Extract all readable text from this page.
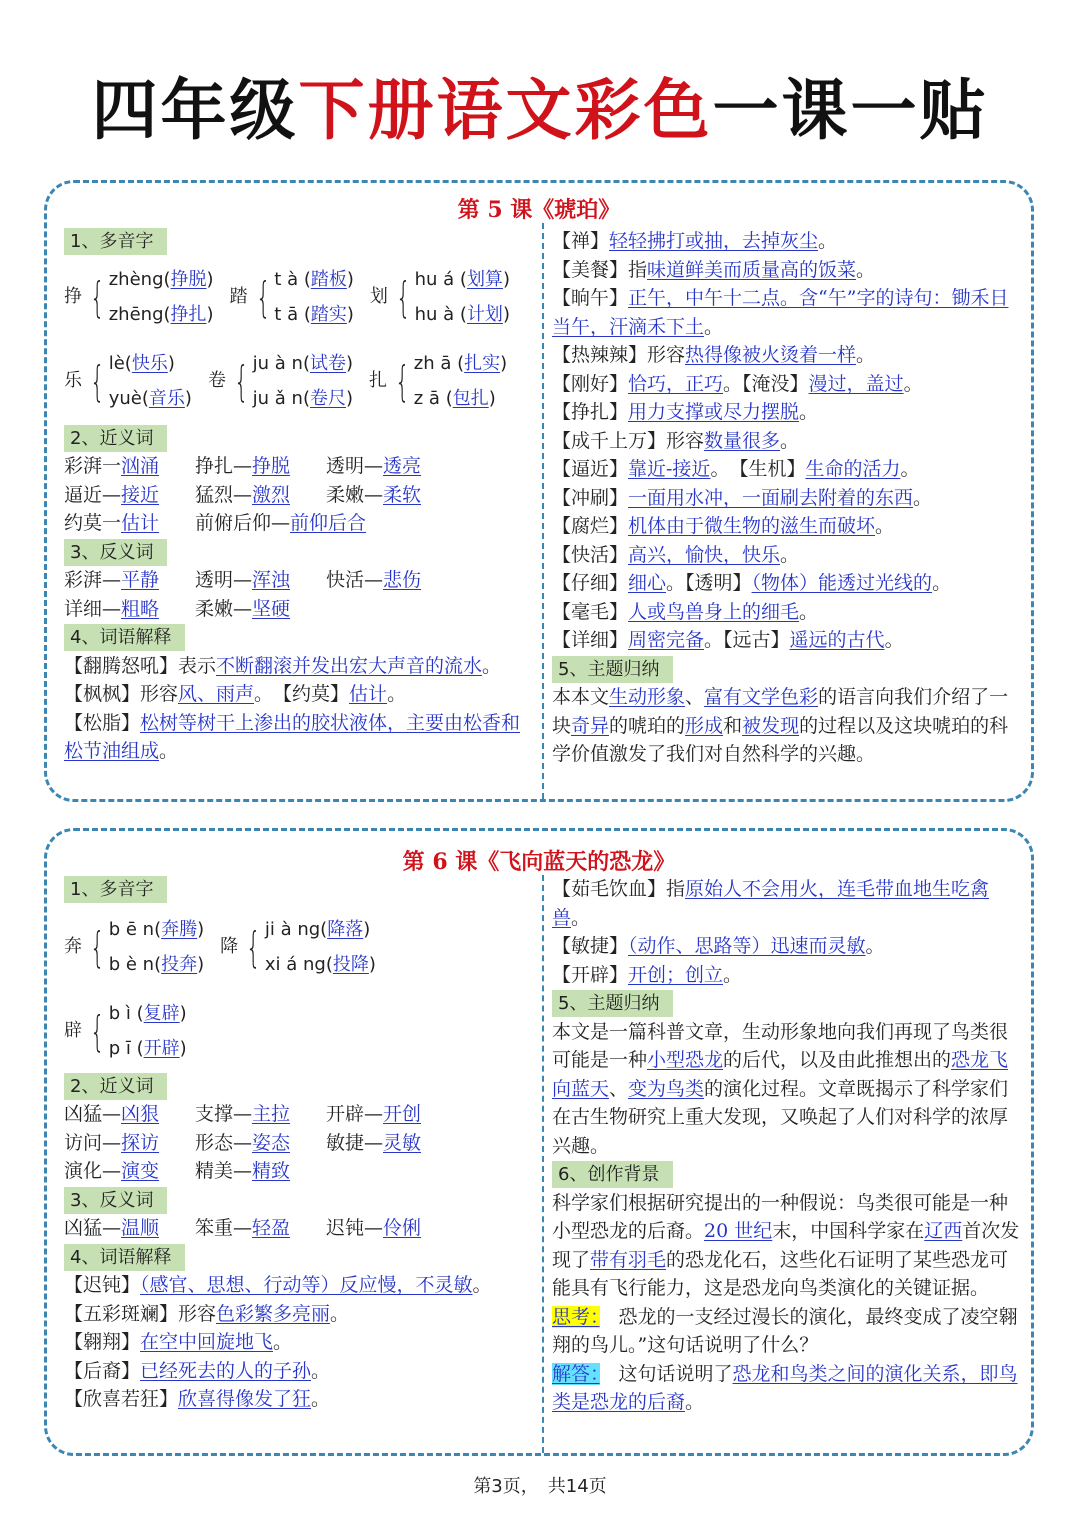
四年级下册语文彩色一课一贴
第 5 课《琥珀》
1、多音字
挣 { zhèng(挣脱)
zhēng(挣扎)
踏 { t à (踏板)
t ā (踏实)
划 { hu á (划算)
hu à (计划)
乐 { lè(快乐)
yuè(音乐)
卷 { ju à n(试卷)
ju ǎ n(卷尺)
扎 { zh ā (扎实)
z ā (包扎)
2、近义词
彩湃一汹涌 挣扎—挣脱 透明—透亮
逼近—接近 猛烈—激烈 柔嫩—柔软
约莫一估计 前俯后仰—前仰后合
3、反义词
彩湃—平静 透明—浑浊 快活—悲伤
详细—粗略 柔嫩—坚硬
4、词语解释
【翻腾怒吼】表示不断翻滚并发出宏大声音的流水。
【枫枫】形容风、雨声。　【约莫】估计。
【松脂】松树等树干上渗出的胶状液体，主要由松香和松节油组成。
【禅】轻轻拂打或抽，去掉灰尘。
【美餐】指味道鲜美而质量高的饭菜。
【晌午】正午，中午十二点。含“午”字的诗句：锄禾日当午，汗滴禾下土。
【热辣辣】形容热得像被火烫着一样。
【刚好】恰巧，正巧。【淹没】漫过，盖过。
【挣扎】用力支撑或尽力摆脱。
【成千上万】形容数量很多。
【逼近】靠近-接近。　【生机】生命的活力。
【冲刷】一面用水冲，一面刷去附着的东西。
【腐烂】机体由于微生物的滋生而破坏。
【快活】高兴，愉快，快乐。
【仔细】细心。【透明】（物体）能透过光线的。
【毫毛】人或鸟兽身上的细毛。
【详细】周密完备。【远古】遥远的古代。
5、主题归纳
本本文生动形象、富有文学色彩的语言向我们介绍了一块奇异的唬珀的形成和被发现的过程以及这块唬珀的科学价值激发了我们对自然科学的兴趣。
第 6 课《飞向蓝天的恐龙》
1、多音字
奔 { b ē n(奔腾)
b è n(投奔)
降 { ji à ng(降落)
xi á ng(投降)
辟 { b ì (复辟)
p ī (开辟)
2、近义词
凶猛—凶狠 支撑—主拉 开辟—开创
访问—探访 形态—姿态 敏捷—灵敏
演化—演变 精美—精致
3、反义词
凶猛—温顺 笨重—轻盈 迟钝—伶俐
4、词语解释
【迟钝】（感官、思想、行动等）反应慢，不灵敏。
【五彩斑斓】形容色彩繁多亮丽。
【翱翔】在空中回旋地飞。
【后裔】已经死去的人的子孙。
【欣喜若狂】欣喜得像发了狂。
【茹毛饮血】指原始人不会用火，连毛带血地生吃禽兽。
【敏捷】（动作、思路等）迅速而灵敏。
【开辟】开创；创立。
5、主题归纳
本文是一篇科普文章，生动形象地向我们再现了鸟类很可能是一种小型恐龙的后代，以及由此推想出的恐龙飞向蓝天、变为鸟类的演化过程。文章既揭示了科学家们在古生物研究上重大发现，又唤起了人们对科学的浓厚兴趣。
6、创作背景
科学家们根据研究提出的一种假说：鸟类很可能是一种小型恐龙的后裔。20 世纪末，中国科学家在辽西首次发现了带有羽毛的恐龙化石，这些化石证明了某些恐龙可能具有飞行能力，这是恐龙向鸟类演化的关键证据。
思考：　恐龙的一支经过漫长的演化，最终变成了凌空翱翔的鸟儿。”这句话说明了什么？
解答：　这句话说明了恐龙和鸟类之间的演化关系，即鸟类是恐龙的后裔。
第3页，　共14页
